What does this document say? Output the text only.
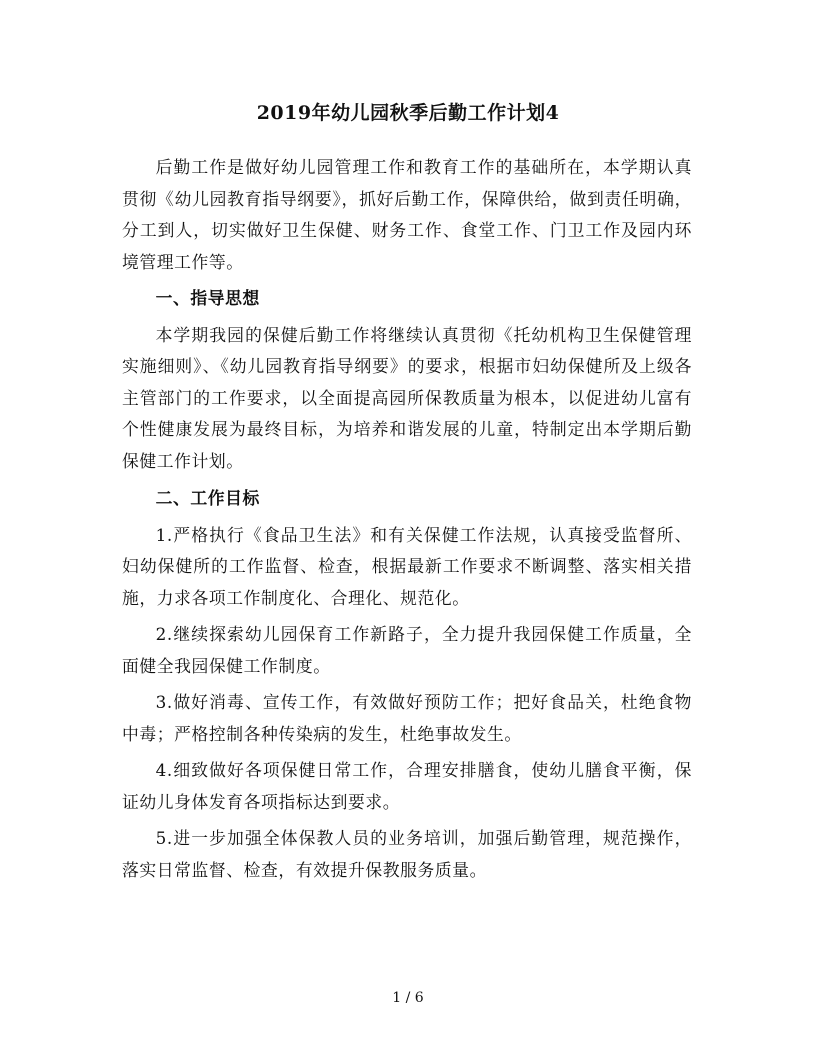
2019年幼儿园秋季后勤工作计划4

后勤工作是做好幼儿园管理工作和教育工作的基础所在，本学期认真贯彻《幼儿园教育指导纲要》，抓好后勤工作，保障供给，做到责任明确，分工到人，切实做好卫生保健、财务工作、食堂工作、门卫工作及园内环境管理工作等。

一、指导思想

本学期我园的保健后勤工作将继续认真贯彻《托幼机构卫生保健管理实施细则》、《幼儿园教育指导纲要》的要求，根据市妇幼保健所及上级各主管部门的工作要求，以全面提高园所保教质量为根本，以促进幼儿富有个性健康发展为最终目标，为培养和谐发展的儿童，特制定出本学期后勤保健工作计划。

二、工作目标

1.严格执行《食品卫生法》和有关保健工作法规，认真接受监督所、妇幼保健所的工作监督、检查，根据最新工作要求不断调整、落实相关措施，力求各项工作制度化、合理化、规范化。

2.继续探索幼儿园保育工作新路子，全力提升我园保健工作质量，全面健全我园保健工作制度。

3.做好消毒、宣传工作，有效做好预防工作；把好食品关，杜绝食物中毒；严格控制各种传染病的发生，杜绝事故发生。

4.细致做好各项保健日常工作，合理安排膳食，使幼儿膳食平衡，保证幼儿身体发育各项指标达到要求。

5.进一步加强全体保教人员的业务培训，加强后勤管理，规范操作，落实日常监督、检查，有效提升保教服务质量。

1 / 6
